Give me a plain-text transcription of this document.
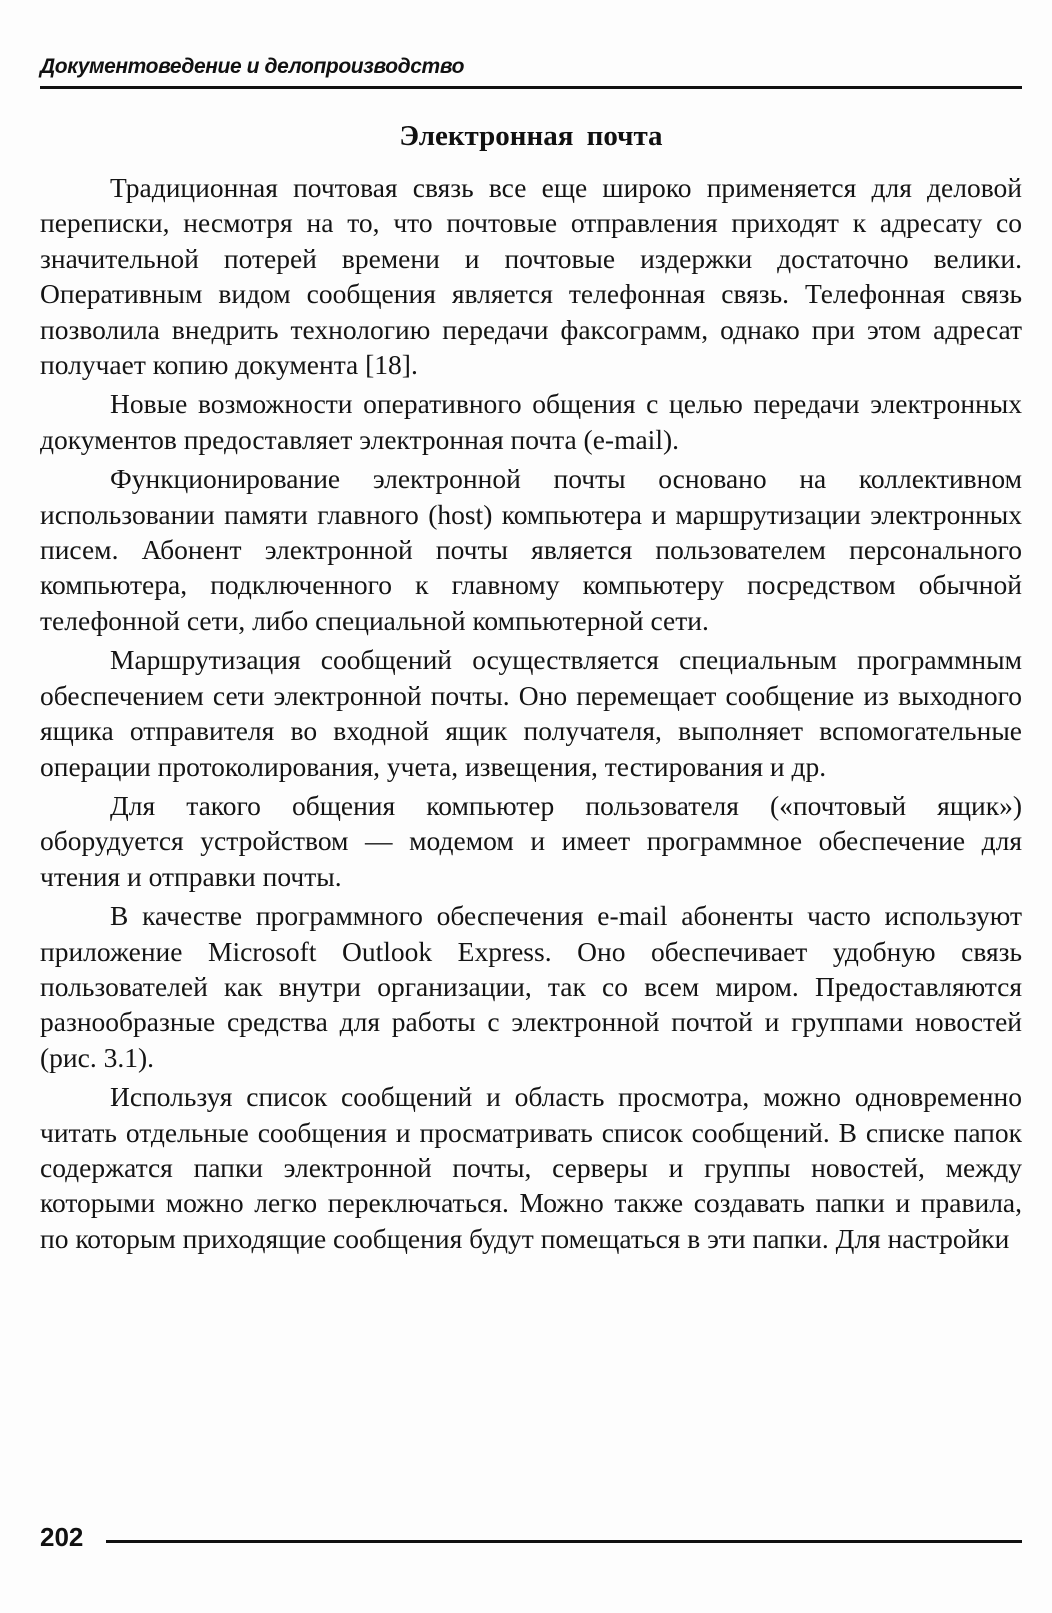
Документоведение и делопроизводство
Электронная почта

Традиционная почтовая связь все еще широко применяется для деловой переписки, несмотря на то, что почтовые отправления приходят к адресату со значительной потерей времени и почтовые издержки достаточно велики. Оперативным видом сообщения является телефонная связь. Телефонная связь позволила внедрить технологию передачи факсограмм, однако при этом адресат получает копию документа [18].

Новые возможности оперативного общения с целью передачи электронных документов предоставляет электронная почта (e-mail).

Функционирование электронной почты основано на коллективном использовании памяти главного (host) компьютера и маршрутизации электронных писем. Абонент электронной почты является пользователем персонального компьютера, подключенного к главному компьютеру посредством обычной телефонной сети, либо специальной компьютерной сети.

Маршрутизация сообщений осуществляется специальным программным обеспечением сети электронной почты. Оно перемещает сообщение из выходного ящика отправителя во входной ящик получателя, выполняет вспомогательные операции протоколирования, учета, извещения, тестирования и др.

Для такого общения компьютер пользователя («почтовый ящик») оборудуется устройством — модемом и имеет программное обеспечение для чтения и отправки почты.

В качестве программного обеспечения e-mail абоненты часто используют приложение Microsoft Outlook Express. Оно обеспечивает удобную связь пользователей как внутри организации, так со всем миром. Предоставляются разнообразные средства для работы с электронной почтой и группами новостей (рис. 3.1).

Используя список сообщений и область просмотра, можно одновременно читать отдельные сообщения и просматривать список сообщений. В списке папок содержатся папки электронной почты, серверы и группы новостей, между которыми можно легко переключаться. Можно также создавать папки и правила, по которым приходящие сообщения будут помещаться в эти папки. Для настройки

202
